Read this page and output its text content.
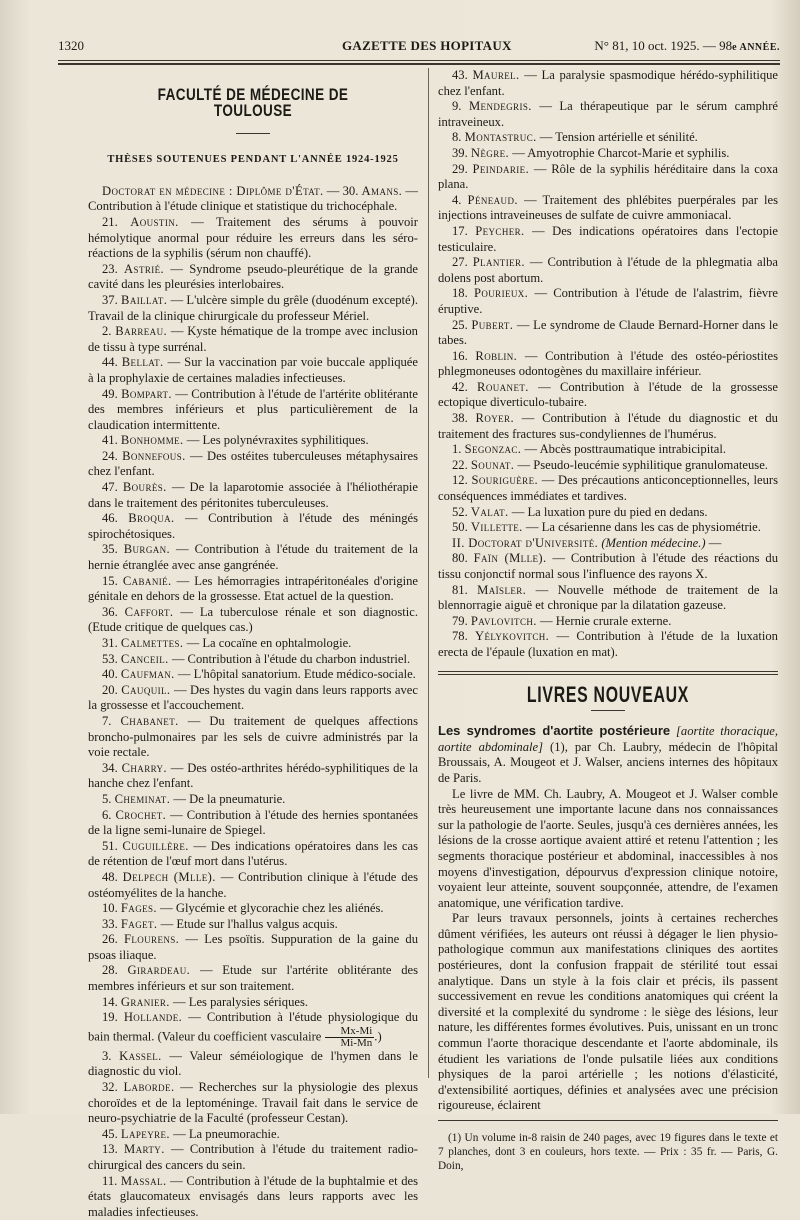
1320	GAZETTE DES HOPITAUX	N° 81, 10 oct. 1925. — 98e ANNÉE.
FACULTÉ DE MÉDECINE DE TOULOUSE
THÈSES SOUTENUES PENDANT L'ANNÉE 1924-1925

Doctorat en médecine : Diplôme d'État. — 30. Amans. — Contribution à l'étude clinique et statistique du trichocéphale.

21. Aoustin. — Traitement des sérums à pouvoir hémolytique anormal pour réduire les erreurs dans les séro-réactions de la syphilis (sérum non chauffé).

23. Astrié. — Syndrome pseudo-pleurétique de la grande cavité dans les pleurésies interlobaires.

37. Baillat. — L'ulcère simple du grêle (duodénum excepté). Travail de la clinique chirurgicale du professeur Mériel.

2. Barreau. — Kyste hématique de la trompe avec inclusion de tissu à type surrénal.

44. Bellat. — Sur la vaccination par voie buccale appliquée à la prophylaxie de certaines maladies infectieuses.

49. Bompart. — Contribution à l'étude de l'artérite oblitérante des membres inférieurs et plus particulièrement de la claudication intermittente.

41. Bonhomme. — Les polynévraxites syphilitiques.

24. Bonnefous. — Des ostéites tuberculeuses métaphysaires chez l'enfant.

47. Bourès. — De la laparotomie associée à l'héliothérapie dans le traitement des péritonites tuberculeuses.

46. Broqua. — Contribution à l'étude des méningés spirochétosiques.

35. Burgan. — Contribution à l'étude du traitement de la hernie étranglée avec anse gangrénée.

15. Cabanié. — Les hémorragies intrapéritonéales d'origine génitale en dehors de la grossesse. Etat actuel de la question.

36. Caffort. — La tuberculose rénale et son diagnostic. (Etude critique de quelques cas.)

31. Calmettes. — La cocaïne en ophtalmologie.

53. Canceil. — Contribution à l'étude du charbon industriel.

40. Caufman. — L'hôpital sanatorium. Etude médico-sociale.

20. Cauquil. — Des hystes du vagin dans leurs rapports avec la grossesse et l'accouchement.

7. Chabanet. — Du traitement de quelques affections broncho-pulmonaires par les sels de cuivre administrés par la voie rectale.

34. Charry. — Des ostéo-arthrites hérédo-syphilitiques de la hanche chez l'enfant.

5. Cheminat. — De la pneumaturie.

6. Crochet. — Contribution à l'étude des hernies spontanées de la ligne semi-lunaire de Spiegel.

51. Cuguillère. — Des indications opératoires dans les cas de rétention de l'œuf mort dans l'utérus.

48. Delpech (Mlle). — Contribution clinique à l'étude des ostéomyélites de la hanche.

10. Fages. — Glycémie et glycorachie chez les aliénés.

33. Faget. — Etude sur l'hallus valgus acquis.

26. Flourens. — Les psoïtis. Suppuration de la gaine du psoas iliaque.

28. Girardeau. — Etude sur l'artérite oblitérante des membres inférieurs et sur son traitement.

14. Granier. — Les paralysies sériques.

19. Hollande. — Contribution à l'étude physiologique du bain thermal. (Valeur du coefficient vasculaire $\frac{Mx-Mi}{Mi-Mn}$ .)

3. Kassel. — Valeur séméiologique de l'hymen dans le diagnostic du viol.

32. Laborde. — Recherches sur la physiologie des plexus choroïdes et de la leptoméninge. Travail fait dans le service de neuro-psychiatrie de la Faculté (professeur Cestan).

45. Lapeyre. — La pneumorachie.

13. Marty. — Contribution à l'étude du traitement radio-chirurgical des cancers du sein.

11. Massal. — Contribution à l'étude de la buphtalmie et des états glaucomateux envisagés dans leurs rapports avec les maladies infectieuses.

43. Maurel. — La paralysie spasmodique hérédo-syphilitique chez l'enfant.

9. Mendegris. — La thérapeutique par le sérum camphré intraveineux.

8. Montastruc. — Tension artérielle et sénilité.

39. Nègre. — Amyotrophie Charcot-Marie et syphilis.

29. Peindarie. — Rôle de la syphilis héréditaire dans la coxa plana.

4. Péneaud. — Traitement des phlébites puerpérales par les injections intraveineuses de sulfate de cuivre ammoniacal.

17. Peycher. — Des indications opératoires dans l'ectopie testiculaire.

27. Plantier. — Contribution à l'étude de la phlegmatia alba dolens post abortum.

18. Pourieux. — Contribution à l'étude de l'alastrim, fièvre éruptive.

25. Pubert. — Le syndrome de Claude Bernard-Horner dans le tabes.

16. Roblin. — Contribution à l'étude des ostéo-périostites phlegmoneuses odontogènes du maxillaire inférieur.

42. Rouanet. — Contribution à l'étude de la grossesse ectopique diverticulo-tubaire.

38. Royer. — Contribution à l'étude du diagnostic et du traitement des fractures sus-condyliennes de l'humérus.

1. Segonzac. — Abcès posttraumatique intrabicipital.

22. Sounat. — Pseudo-leucémie syphilitique granulomateuse.

12. Souriguère. — Des précautions anticonceptionnelles, leurs conséquences immédiates et tardives.

52. Valat. — La luxation pure du pied en dedans.

50. Villette. — La césarienne dans les cas de physiométrie.

II. Doctorat d'Université. (Mention médecine.) —

80. Faïn (Mlle). — Contribution à l'étude des réactions du tissu conjonctif normal sous l'influence des rayons X.

81. Maïsler. — Nouvelle méthode de traitement de la blennorragie aiguë et chronique par la dilatation gazeuse.

79. Pavlovitch. — Hernie crurale externe.

78. Yélykovitch. — Contribution à l'étude de la luxation erecta de l'épaule (luxation en mat).

LIVRES NOUVEAUX

Les syndromes d'aortite postérieure [aortite thoracique, aortite abdominale] (1), par Ch. Laubry, médecin de l'hôpital Broussais, A. Mougeot et J. Walser, anciens internes des hôpitaux de Paris.

Le livre de MM. Ch. Laubry, A. Mougeot et J. Walser comble très heureusement une importante lacune dans nos connaissances sur la pathologie de l'aorte. Seules, jusqu'à ces dernières années, les lésions de la crosse aortique avaient attiré et retenu l'attention ; les segments thoracique postérieur et abdominal, inaccessibles à nos moyens d'investigation, dépourvus d'expression clinique notoire, voyaient leur atteinte, souvent soupçonnée, attendre, de l'examen anatomique, une vérification tardive.

Par leurs travaux personnels, joints à certaines recherches dûment vérifiées, les auteurs ont réussi à dégager le lien physio-pathologique commun aux manifestations cliniques des aortites postérieures, dont la confusion frappait de stérilité tout essai analytique. Dans un style à la fois clair et précis, ils passent successivement en revue les conditions anatomiques qui créent la diversité et la complexité du syndrome : le siège des lésions, leur nature, les différentes formes évolutives. Puis, unissant en un tronc commun l'aorte thoracique descendante et l'aorte abdominale, ils étudient les variations de l'onde pulsatile liées aux conditions physiques de la paroi artérielle ; les notions d'élasticité, d'extensibilité aortiques, définies et analysées avec une précision rigoureuse, éclairent

(1) Un volume in-8 raisin de 240 pages, avec 19 figures dans le texte et 7 planches, dont 3 en couleurs, hors texte. — Prix : 35 fr. — Paris, G. Doin,
